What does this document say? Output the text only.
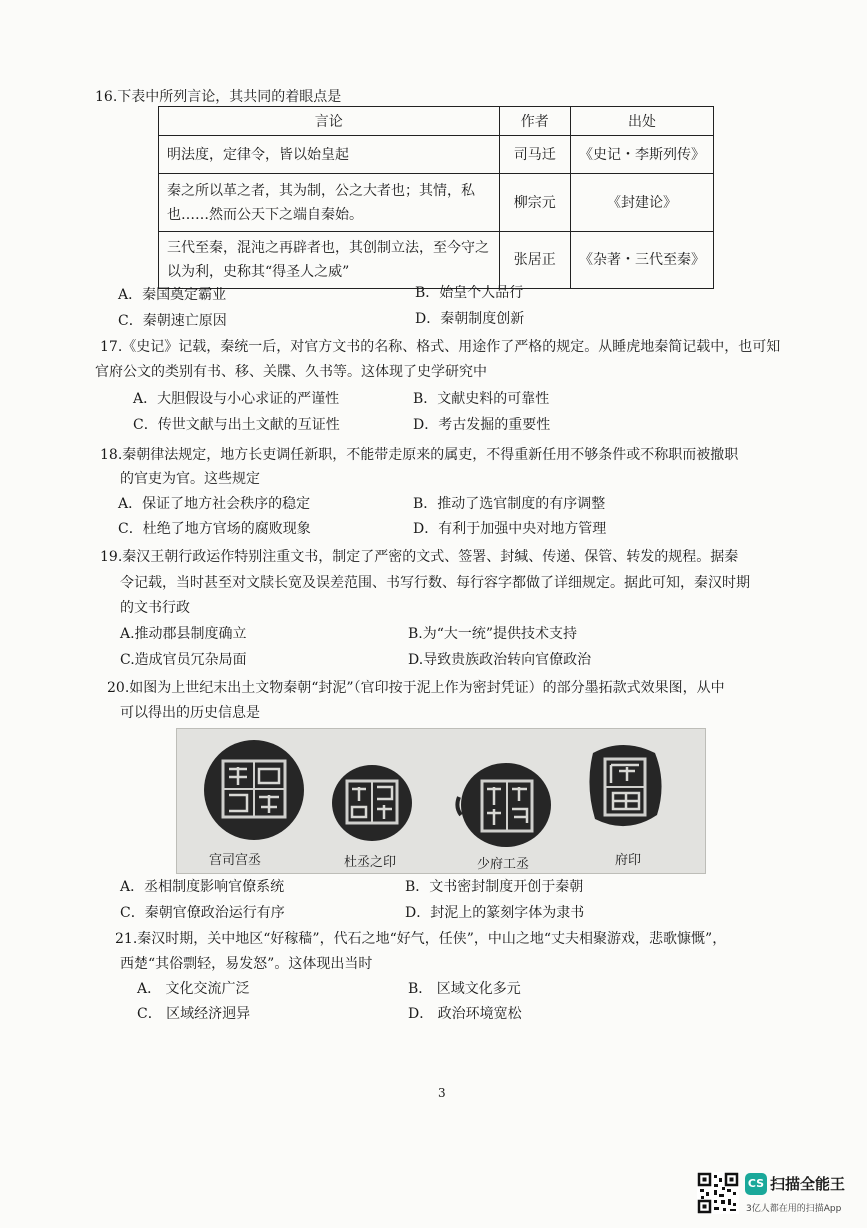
16.下表中所列言论，其共同的着眼点是
言论	作者	出处
明法度，定律令，皆以始皇起	司马迁	《史记・李斯列传》
秦之所以革之者，其为制，公之大者也；其情，私也……然而公天下之端自秦始。	柳宗元	《封建论》
三代至秦，混沌之再辟者也，其创制立法，至今守之以为利，史称其“得圣人之威”	张居正	《杂著・三代至秦》
A．秦国奠定霸业	B．始皇个人品行
C．秦朝速亡原因	D．秦朝制度创新
17.《史记》记载，秦统一后，对官方文书的名称、格式、用途作了严格的规定。从睡虎地秦简记载中，也可知
官府公文的类别有书、移、关牒、久书等。这体现了史学研究中
A．大胆假设与小心求证的严谨性	B．文献史料的可靠性
C．传世文献与出土文献的互证性	D．考古发掘的重要性
18.秦朝律法规定，地方长吏调任新职，不能带走原来的属吏，不得重新任用不够条件或不称职而被撤职
的官吏为官。这些规定
A．保证了地方社会秩序的稳定	B．推动了选官制度的有序调整
C．杜绝了地方官场的腐败现象	D．有利于加强中央对地方管理
19.秦汉王朝行政运作特别注重文书，制定了严密的文式、签署、封缄、传递、保管、转发的规程。据秦
令记载，当时甚至对文牍长宽及误差范围、书写行数、每行容字都做了详细规定。据此可知，秦汉时期
的文书行政
A.推动郡县制度确立	B.为“大一统”提供技术支持
C.造成官员冗杂局面	D.导致贵族政治转向官僚政治
20.如图为上世纪末出土文物秦朝“封泥”（官印按于泥上作为密封凭证）的部分墨拓款式效果图，从中
可以得出的历史信息是
宫司宫丞	杜丞之印	少府工丞	府印
A．丞相制度影响官僚系统	B．文书密封制度开创于秦朝
C．秦朝官僚政治运行有序	D．封泥上的篆刻字体为隶书
21.秦汉时期，关中地区“好稼穑”，代石之地“好气，任侠”，中山之地“丈夫相聚游戏，悲歌慷慨”，
西楚“其俗剽轻，易发怒”。这体现出当时
A． 文化交流广泛	B． 区域文化多元
C． 区域经济迥异	D． 政治环境宽松
3
CS 扫描全能王
3亿人都在用的扫描App
